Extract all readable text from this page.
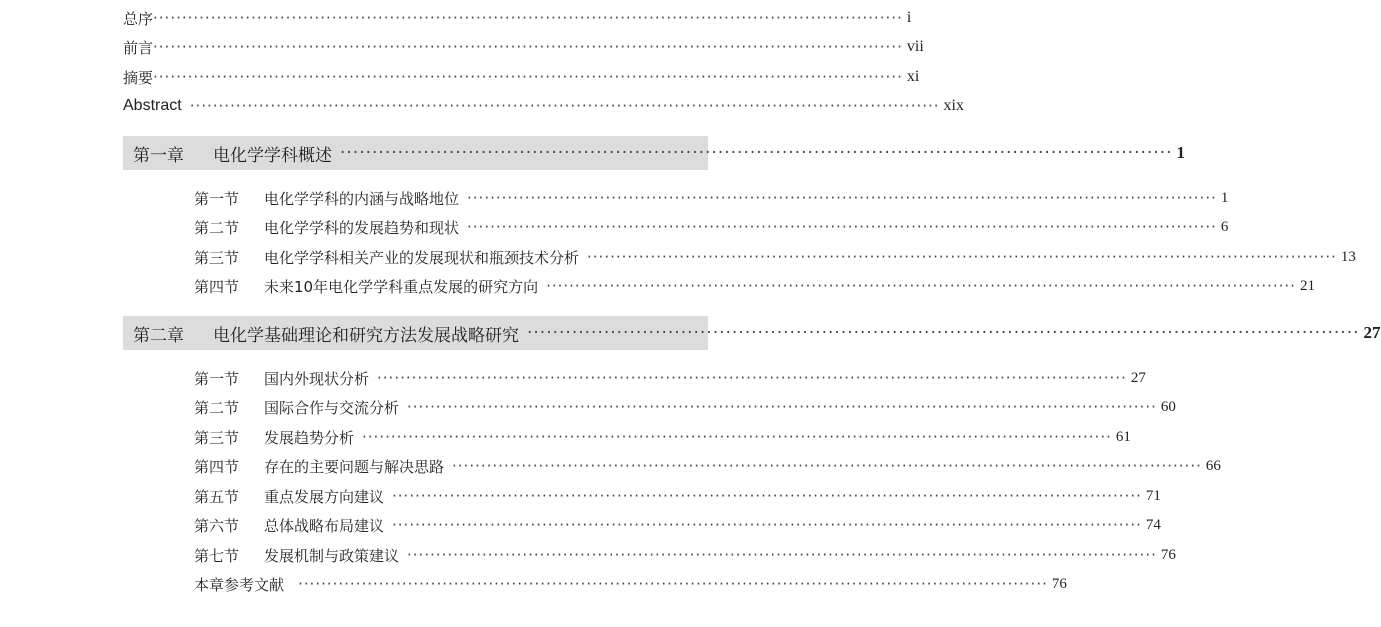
总序 ·································································································································· i
前言 ·································································································································· vii
摘要 ·································································································································· xi
Abstract ·································································································································· xix
第一章	电化学学科概述 ·································································································································· 1
第一节	电化学学科的内涵与战略地位 ·································································································································· 1
第二节	电化学学科的发展趋势和现状 ·································································································································· 6
第三节	电化学学科相关产业的发展现状和瓶颈技术分析 ·································································································································· 13
第四节	未来10年电化学学科重点发展的研究方向 ·································································································································· 21
第二章	电化学基础理论和研究方法发展战略研究 ·································································································································· 27
第一节	国内外现状分析 ·································································································································· 27
第二节	国际合作与交流分析 ·································································································································· 60
第三节	发展趋势分析 ·································································································································· 61
第四节	存在的主要问题与解决思路 ·································································································································· 66
第五节	重点发展方向建议 ·································································································································· 71
第六节	总体战略布局建议 ·································································································································· 74
第七节	发展机制与政策建议 ·································································································································· 76
本章参考文献 ·································································································································· 76
